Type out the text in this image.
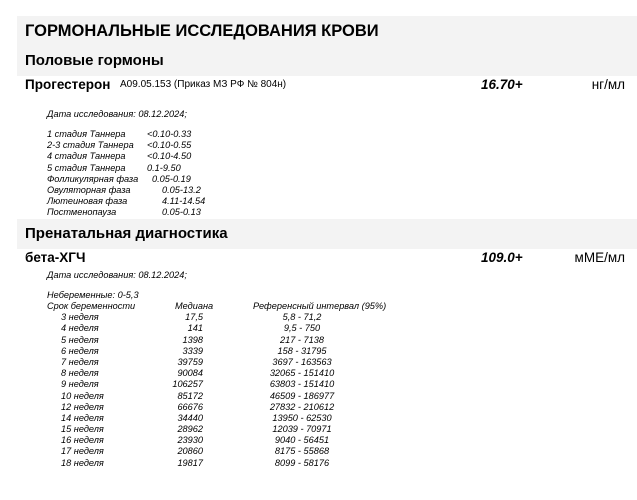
ГОРМОНАЛЬНЫЕ ИССЛЕДОВАНИЯ КРОВИ
Половые гормоны
Прогестерон A09.05.153 (Приказ МЗ РФ № 804н)	16.70+	нг/мл
Дата исследования: 08.12.2024;
1 стадия Таннера <0.10-0.33
2-3 стадия Таннера <0.10-0.55
4 стадия Таннера <0.10-4.50
5 стадия Таннера 0.1-9.50
Фолликулярная фаза 0.05-0.19
Овуляторная фаза	0.05-13.2
Лютеиновая фаза	4.11-14.54
Постменопауза	0.05-0.13
Пренатальная диагностика
бета-ХГЧ	109.0+	мМЕ/мл
Дата исследования: 08.12.2024;
Небеременные: 0-5,3
Срок беременности	Медиана	Референсный интервал (95%)
3 неделя	17,5	5,8 - 71,2
4 неделя	141	9,5 - 750
5 неделя	1398	217 - 7138
6 неделя	3339	158 - 31795
7 неделя	39759	3697 - 163563
8 неделя	90084	32065 - 151410
9 неделя	106257	63803 - 151410
10 неделя	85172	46509 - 186977
12 неделя	66676	27832 - 210612
14 неделя	34440	13950 - 62530
15 неделя	28962	12039 - 70971
16 неделя	23930	9040 - 56451
17 неделя	20860	8175 - 55868
18 неделя	19817	8099 - 58176
